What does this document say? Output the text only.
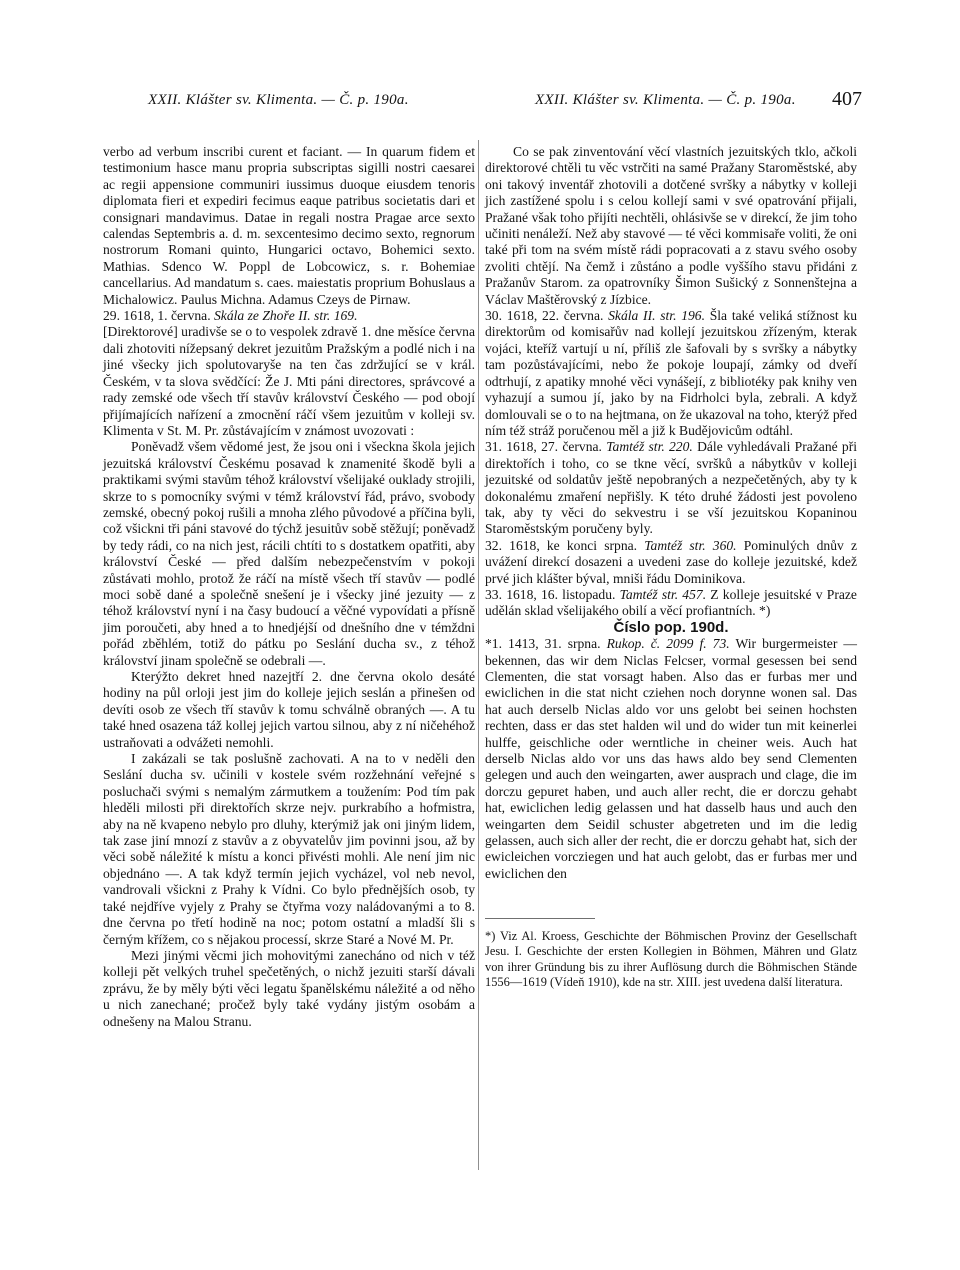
XXII. Klášter sv. Klimenta. — Č. p. 190a.	XXII. Klášter sv. Klimenta. — Č. p. 190a. 407

verbo ad verbum inscribi curent et faciant. — In quarum fidem et testimonium hasce manu propria subscriptas sigilli nostri caesarei ac regii appensione communiri iussimus duoque eiusdem tenoris diplomata fieri et expediri fecimus eaque patribus societatis dari et consignari mandavimus. Datae in regali nostra Pragae arce sexto calendas Septembris a. d. m. sexcentesimo decimo sexto, regnorum nostrorum Romani quinto, Hungarici octavo, Bohemici sexto. Mathias. Sdenco W. Poppl de Lobcowicz, s. r. Bohemiae cancellarius. Ad mandatum s. caes. maiestatis proprium Bohuslaus a Michalowicz. Paulus Michna. Adamus Czeys de Pirnaw.

29. 1618, 1. června. Skála ze Zhoře II. str. 169.

[Direktorové] uradivše se o to vespolek zdravě 1. dne měsíce června dali zhotoviti nížepsaný dekret jezuitům Pražským a podlé nich i na jiné všecky jich spolutovaryše na ten čas zdržující se v král. Českém, v ta slova svědčící: Že J. Mti páni directores, správcové a rady zemské ode všech tří stavův království Českého — pod obojí přijímajících nařízení a zmocnění ráčí všem jezuitům v kolleji sv. Klimenta v St. M. Pr. zůstávajícím v známost uvozovati :

Poněvadž všem vědomé jest, že jsou oni i všeckna škola jejich jezuitská království Českému posavad k znamenité škodě byli a praktikami svými stavům téhož království všelijaké ouklady strojili, skrze to s pomocníky svými v témž království řád, právo, svobody zemské, obecný pokoj rušili a mnoha zlého původové a příčina byli, což všickni tři páni stavové do týchž jesuitův sobě stěžují; poněvadž by tedy rádi, co na nich jest, rácili chtíti to s dostatkem opatřiti, aby království České — před dalším nebezpečenstvím v pokoji zůstávati mohlo, protož že ráčí na místě všech tří stavův — podlé moci sobě dané a společně snešení je i všecky jiné jezuity — z téhož království nyní i na časy budoucí a věčné vypovídati a přísně jim poroučeti, aby hned a to hnedjéjší od dnešního dne v témždni pořád zběhlém, totiž do pátku po Seslání ducha sv., z téhož království jinam společně se odebrali —.

Kterýžto dekret hned nazejtří 2. dne června okolo desáté hodiny na půl orloji jest jim do kolleje jejich seslán a přinešen od devíti osob ze všech tří stavův k tomu schválně obraných —. A tu také hned osazena táž kollej jejich vartou silnou, aby z ní ničehéhož ustraňovati a odvážeti nemohli.

I zakázali se tak poslušně zachovati. A na to v neděli den Seslání ducha sv. učinili v kostele svém rozžehnání veřejné s posluchači svými s nemalým zármutkem a toužením: Pod tím pak hleděli milosti při direktořích skrze nejv. purkrabího a hofmistra, aby na ně kvapeno nebylo pro dluhy, kterýmiž jak oni jiným lidem, tak zase jiní mnozí z stavův a z obyvatelův jim povinni jsou, až by věci sobě náležité k místu a konci přivésti mohli. Ale není jim nic objednáno —. A tak když termín jejich vycházel, vol neb nevol, vandrovali všickni z Prahy k Vídni. Co bylo přednějších osob, ty také nejdříve vyjely z Prahy se čtyřma vozy naládovanými a to 8. dne června po třetí hodině na noc; potom ostatní a mladší šli s černým křížem, co s nějakou processí, skrze Staré a Nové M. Pr.

Mezi jinými věcmi jich mohovitými zanechánо od nich v též kolleji pět velkých truhel spečetěných, o nichž jezuiti starší dávali zprávu, že by měly býti věci legatu španělskému náležité a od něho u nich zanechané; pročež byly také vydány jistým osobám a odnešeny na Malou Stranu.

Co se pak zinventování věcí vlastních jezuitských tklo, ačkoli direktorové chtěli tu věc vstrčiti na samé Pražany Staroměstské, aby oni takový inventář zhotovili a dotčené svršky a nábytky v kolleji jich zastížené spolu i s celou kollejí sami v své opatrování přijali, Pražané však toho přijíti nechtěli, ohlásivše se v direkcí, že jim toho učiniti nenáleží. Než aby stavové — té věci kommisaře voliti, že oni také při tom na svém místě rádi popracovati a z stavu svého osoby zvoliti chtějí. Na čemž i zůstáno a podle vyššího stavu přidáni z Pražanův Starom. za opatrovníky Šimon Sušický z Sonnenštejna a Václav Maštěrovský z Jízbice.

30. 1618, 22. června. Skála II. str. 196. Šla také veliká stížnost ku direktorům od komisařův nad kollejí jezuitskou zřízeným, kterak vojáci, kteříž vartují u ní, příliš zle šafovali by s svršky a nábytky tam pozůstávajícími, nebo že pokoje loupají, zámky od dveří odtrhují, z apatiky mnohé věci vynášejí, z bibliotéky pak knihy ven vyhazují a sumou jí, jako by na Fidrholci byla, zebrali. A když domlouvali se o to na hejtmana, on že ukazoval na toho, kterýž před ním též stráž poručenou měl a již k Budějovicům odtáhl.

31. 1618, 27. června. Tamtéž str. 220. Dále vyhledávali Pražané při direktořích i toho, co se tkne věcí, svršků a nábytkův v kolleji jezuitské od soldatův ještě nepobraných a nezpečetěných, aby ty k dokonalému zmaření nepřišly. K této druhé žádosti jest povoleno tak, aby ty věci do sekvestru i se vší jezuitskou Kopaninou Staroměstským poručeny byly.

32. 1618, ke konci srpna. Tamtéž str. 360. Pominulých dnův z uvážení direkcí dosazeni a uvedeni zase do kolleje jezuitské, kdež prvé jich klášter býval, mniši řádu Dominikova.

33. 1618, 16. listopadu. Tamtéž str. 457. Z kolleje jesuitské v Praze udělán sklad všelijakého obilí a věcí profiantních. *)

Číslo pop. 190d.

*1. 1413, 31. srpna. Rukop. č. 2099 f. 73. Wir burgermeister — bekennen, das wir dem Niclas Felcser, vormal gesessen bei send Clementen, die stat vorsagt haben. Also das er furbas mer und ewiclichen in die stat nicht cziehen noch dorynne wonen sal. Das hat auch derselb Niclas aldo vor uns gelobt bei seinen hochsten rechten, dass er das stet halden wil und do wider tun mit keinerlei hulffe, geischliche oder werntliche in cheiner weis. Auch hat derselb Niclas aldo vor uns das haws aldo bey send Clementen gelegen und auch den weingarten, awer ausprach und clage, die im dorczu gepuret haben, und auch aller recht, die er dorczu gehabt hat, ewiclichen ledig gelassen und hat dasselb haus und auch den weingarten dem Seidil schuster abgetreten und im die ledig gelassen, auch sich aller der recht, die er dorczu gehabt hat, sich der ewicleichen vorcziegen und hat auch gelobt, das er furbas mer und ewiclichen den

*) Viz Al. Kroess, Geschichte der Böhmischen Provinz der Gesellschaft Jesu. I. Geschichte der ersten Kollegien in Böhmen, Mähren und Glatz von ihrer Gründung bis zu ihrer Auflösung durch die Böhmischen Stände 1556—1619 (Vídeň 1910), kde na str. XIII. jest uvedena další literatura.
